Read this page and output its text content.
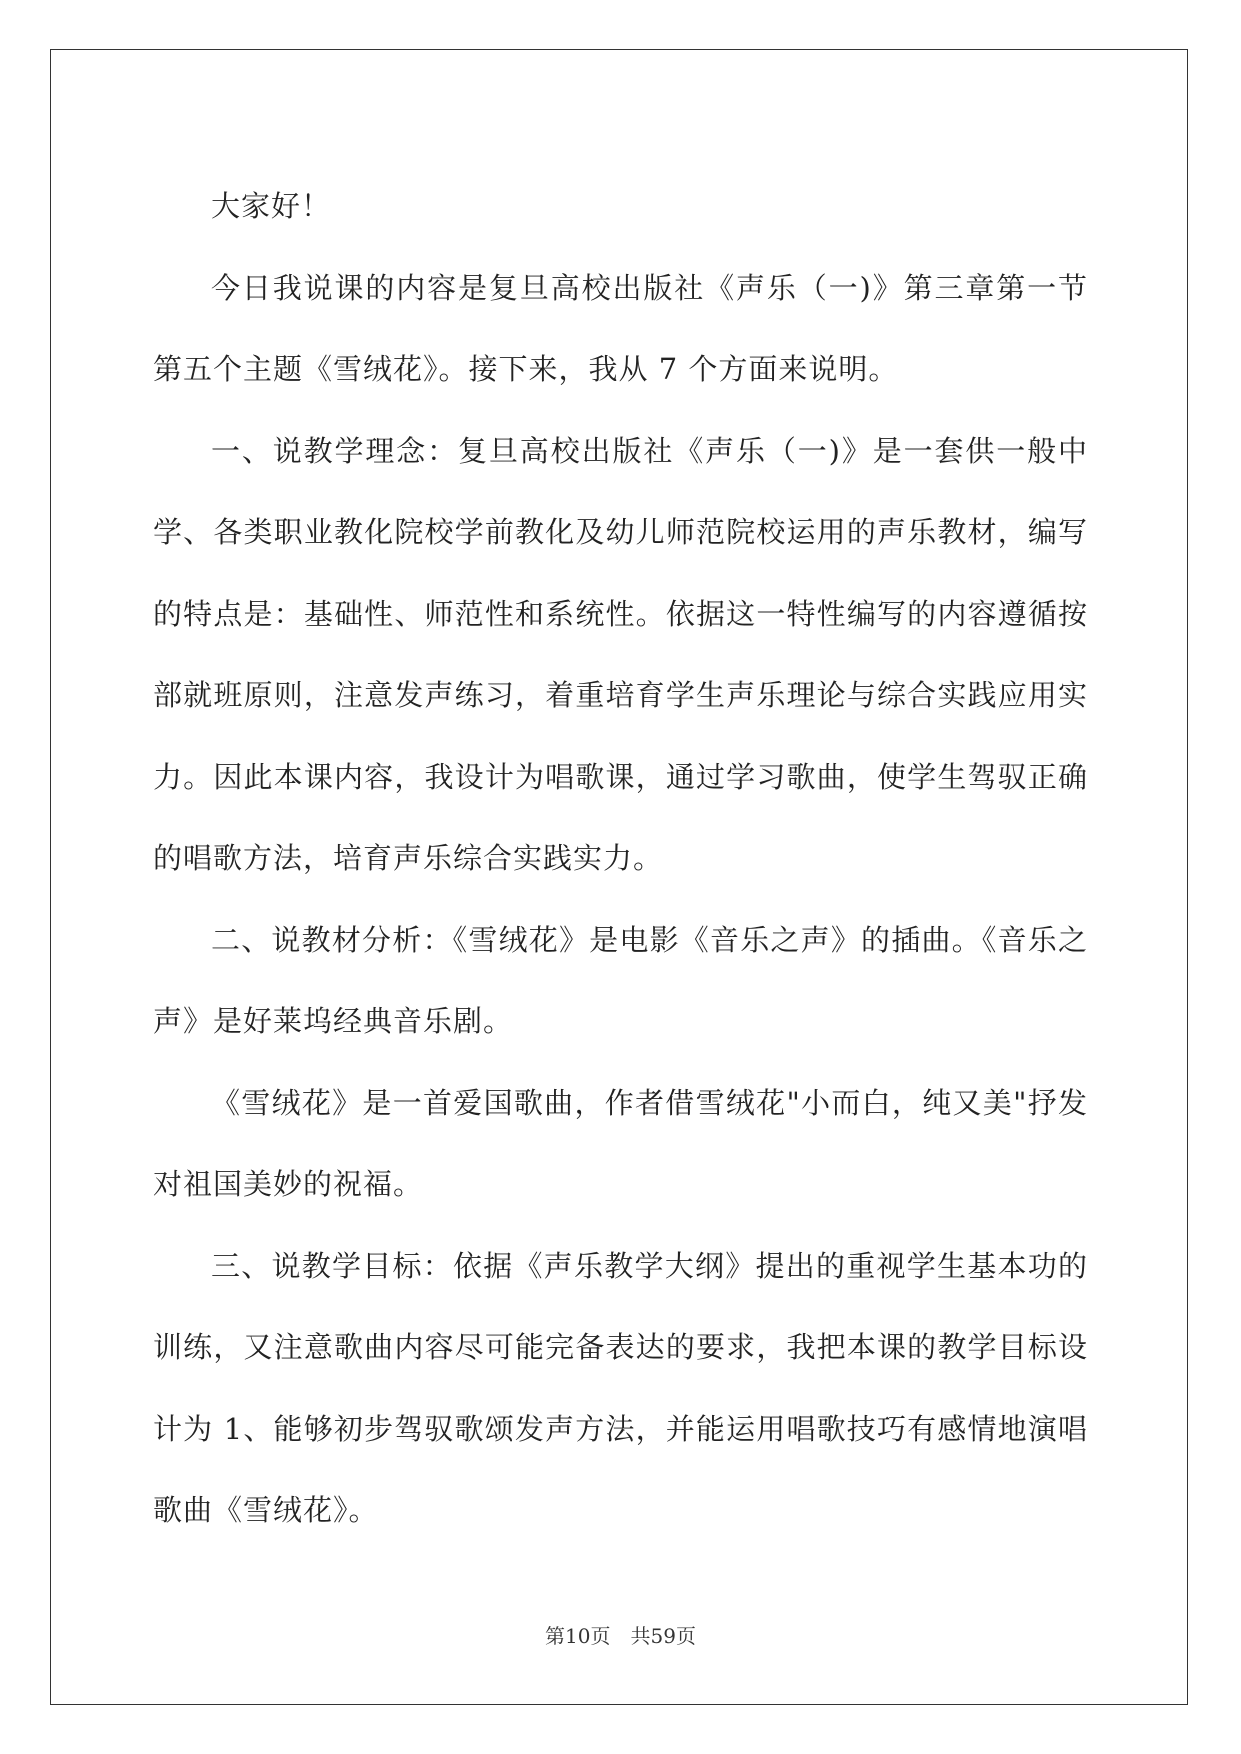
大家好！

今日我说课的内容是复旦高校出版社《声乐（一)》第三章第一节第五个主题《雪绒花》。接下来，我从 7 个方面来说明。

一、说教学理念：复旦高校出版社《声乐（一)》是一套供一般中学、各类职业教化院校学前教化及幼儿师范院校运用的声乐教材，编写的特点是：基础性、师范性和系统性。依据这一特性编写的内容遵循按部就班原则，注意发声练习，着重培育学生声乐理论与综合实践应用实力。因此本课内容，我设计为唱歌课，通过学习歌曲，使学生驾驭正确的唱歌方法，培育声乐综合实践实力。

二、说教材分析：《雪绒花》是电影《音乐之声》的插曲。《音乐之声》是好莱坞经典音乐剧。

《雪绒花》是一首爱国歌曲，作者借雪绒花"小而白，纯又美"抒发对祖国美妙的祝福。

三、说教学目标：依据《声乐教学大纲》提出的重视学生基本功的训练，又注意歌曲内容尽可能完备表达的要求，我把本课的教学目标设计为 1、能够初步驾驭歌颂发声方法，并能运用唱歌技巧有感情地演唱歌曲《雪绒花》。

第10页　共59页
